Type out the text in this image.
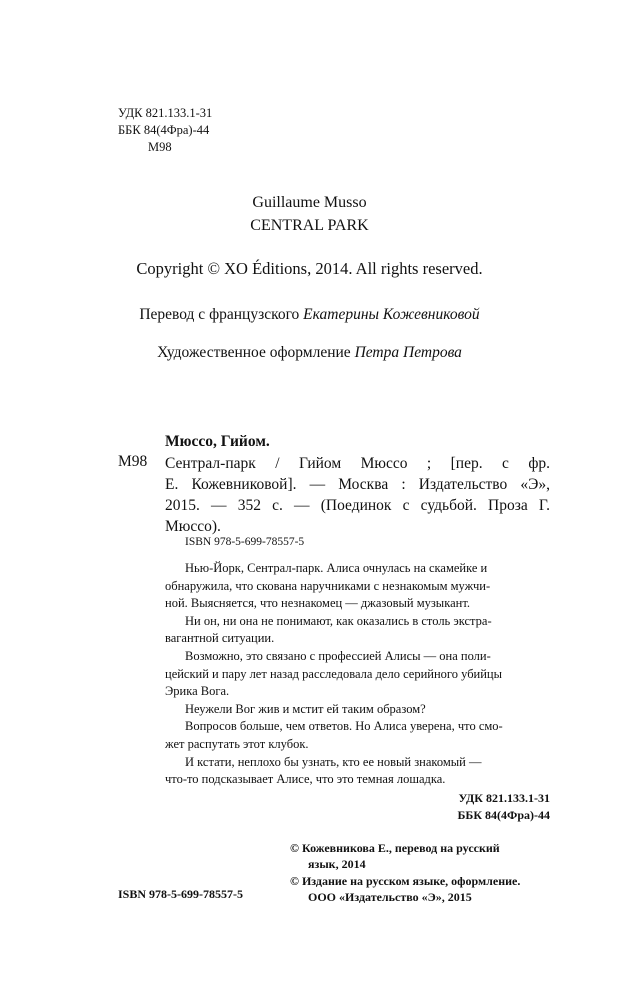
УДК 821.133.1-31
ББК 84(4Фра)-44
М98
Guillaume Musso
CENTRAL PARK
Copyright © XO Éditions, 2014. All rights reserved.
Перевод с французского Екатерины Кожевниковой
Художественное оформление Петра Петрова
Мюссо, Гийом.
М98 Сентрал-парк / Гийом Мюссо ; [пер. с фр.
Е. Кожевниковой]. — Москва : Издательство «Э»,
2015. — 352 с. — (Поединок с судьбой. Проза Г.
Мюссо).
ISBN 978-5-699-78557-5
Нью-Йорк, Сентрал-парк. Алиса очнулась на скамейке и
обнаружила, что скована наручниками с незнакомым мужчи-
ной. Выясняется, что незнакомец — джазовый музыкант.
Ни он, ни она не понимают, как оказались в столь экстра-
вагантной ситуации.
Возможно, это связано с профессией Алисы — она поли-
цейский и пару лет назад расследовала дело серийного убийцы
Эрика Вога.
Неужели Вог жив и мстит ей таким образом?
Вопросов больше, чем ответов. Но Алиса уверена, что смо-
жет распутать этот клубок.
И кстати, неплохо бы узнать, кто ее новый знакомый —
что-то подсказывает Алисе, что это темная лошадка.
УДК 821.133.1-31
ББК 84(4Фра)-44
© Кожевникова Е., перевод на русский
язык, 2014
© Издание на русском языке, оформление.
ООО «Издательство «Э», 2015
ISBN 978-5-699-78557-5
